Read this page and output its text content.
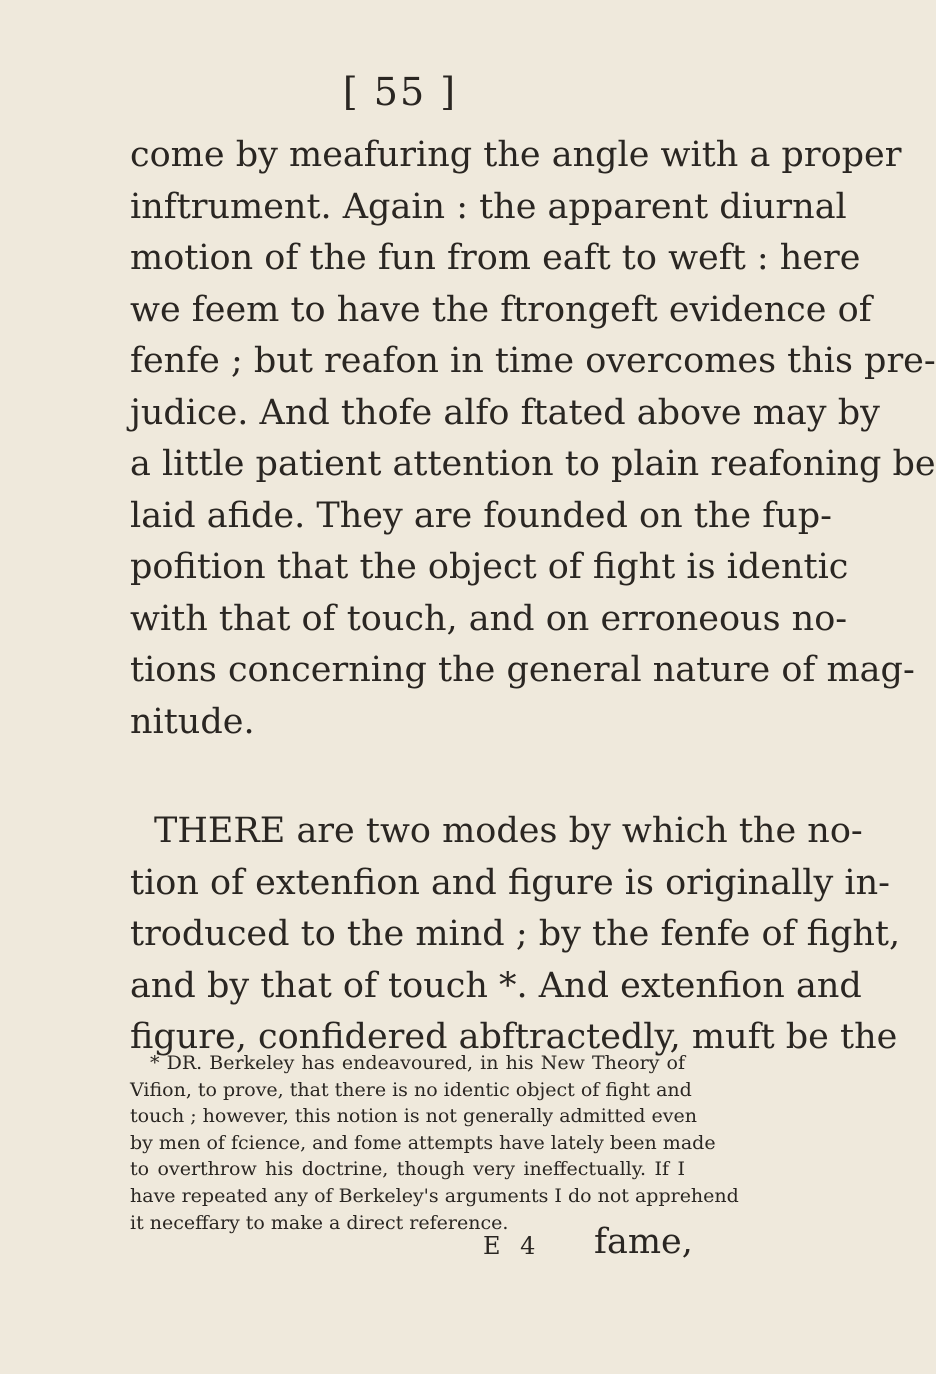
[ 55 ]
come by meafuring the angle with a proper
inftrument. Again : the apparent diurnal
motion of the fun from eaft to weft : here
we feem to have the ftrongeft evidence of
fenfe ; but reafon in time overcomes this pre-
judice. And thofe alfo ftated above may by
a little patient attention to plain reafoning be
laid afide. They are founded on the fup-
pofition that the object of fight is identic
with that of touch, and on erroneous no-
tions concerning the general nature of mag-
nitude.
THERE are two modes by which the no-
tion of extenfion and figure is originally in-
troduced to the mind ; by the fenfe of fight,
and by that of touch *. And extenfion and
figure, confidered abftractedly, muft be the
* DR. Berkeley has endeavoured, in his New Theory of
Vifion, to prove, that there is no identic object of fight and
touch ; however, this notion is not generally admitted even
by men of fcience, and fome attempts have lately been made
to overthrow his doctrine, though very ineffectually. If I
have repeated any of Berkeley's arguments I do not apprehend
it neceffary to make a direct reference.
E 4 fame,
